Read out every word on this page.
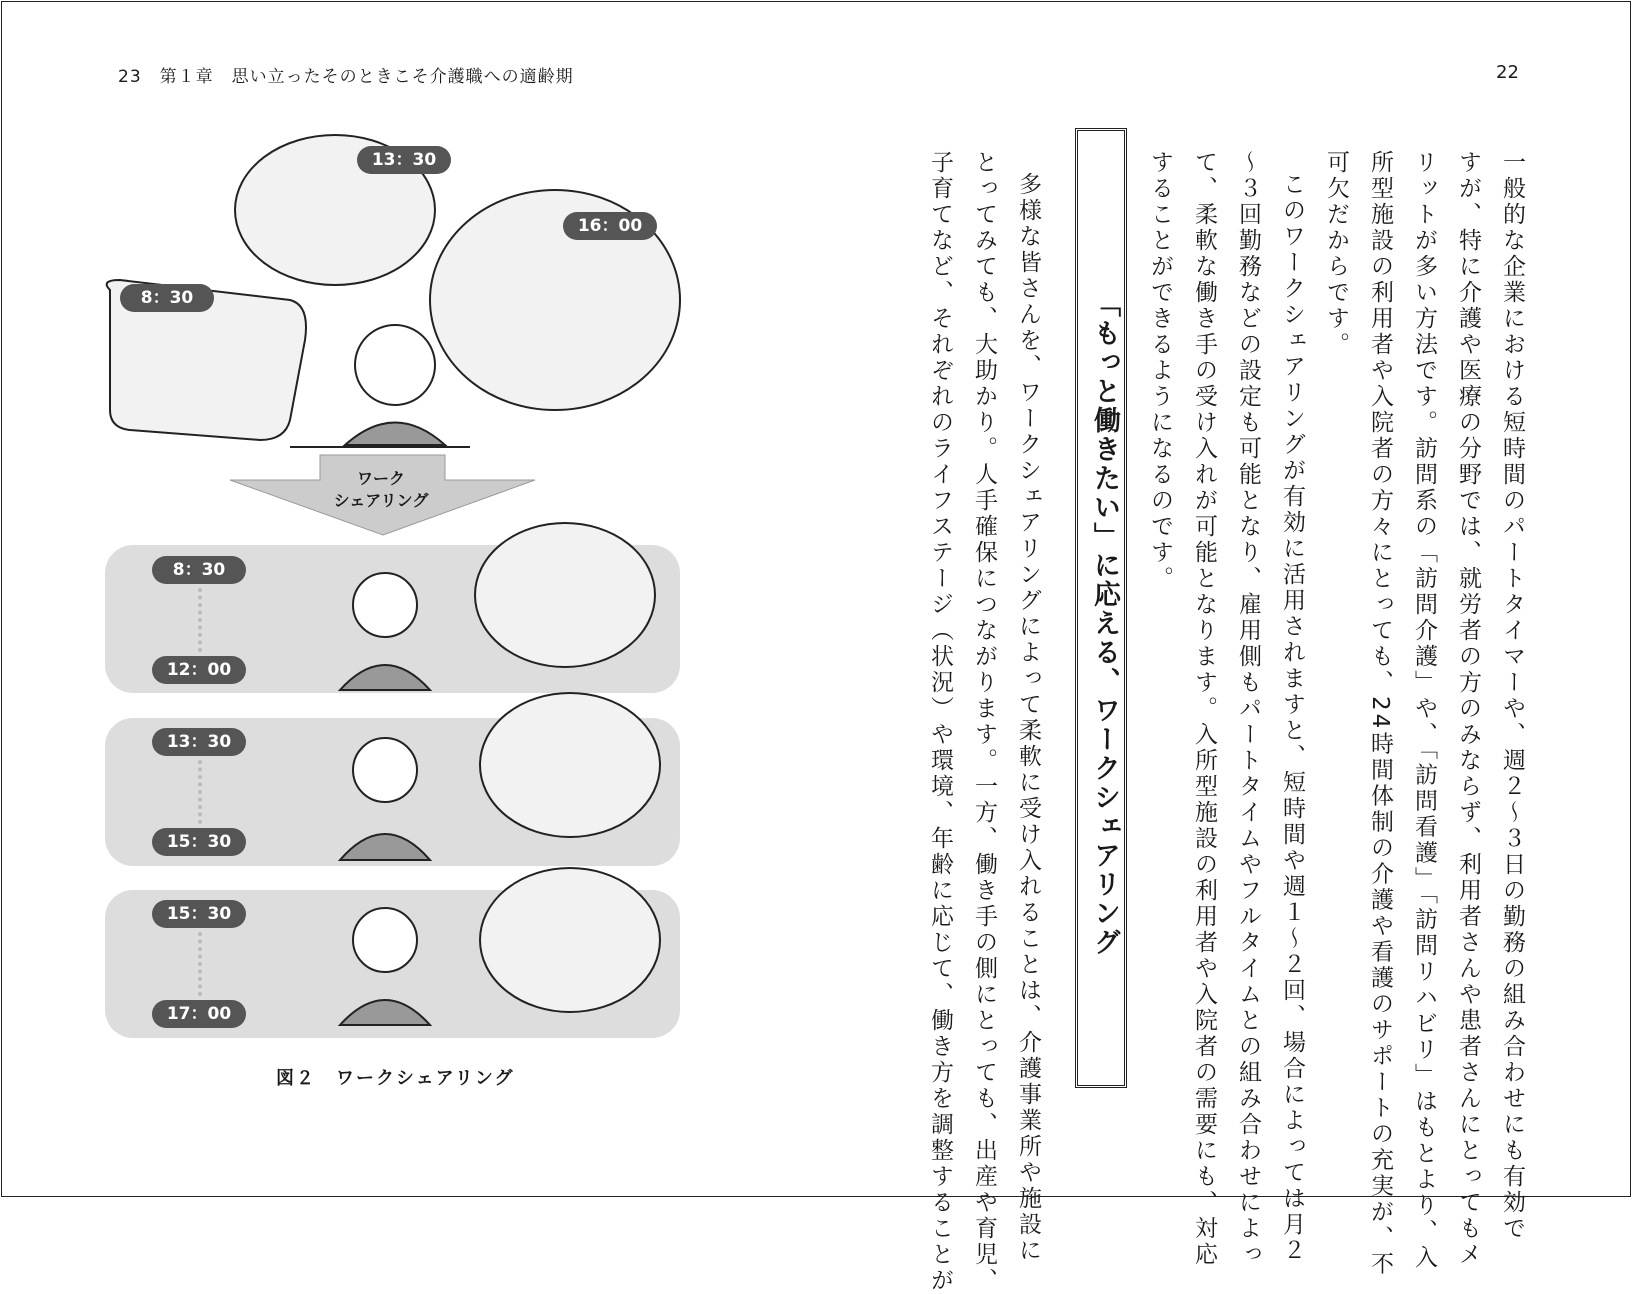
23　第１章　思い立ったそのときこそ介護職への適齢期	22
一般的な企業における短時間のパートタイマーや、週２〜３日の勤務の組み合わせにも有効で
すが、特に介護や医療の分野では、就労者の方のみならず、利用者さんや患者さんにとってもメ
リットが多い方法です。訪問系の「訪問介護」や、「訪問看護」「訪問リハビリ」はもとより、入
所型施設の利用者や入院者の方々にとっても、24時間体制の介護や看護のサポートの充実が、不
可欠だからです。
このワークシェアリングが有効に活用されますと、短時間や週１〜２回、場合によっては月２
〜３回勤務などの設定も可能となり、雇用側もパートタイムやフルタイムとの組み合わせによっ
て、柔軟な働き手の受け入れが可能となります。入所型施設の利用者や入院者の需要にも、対応
することができるようになるのです。
「もっと働きたい」に応える、ワークシェアリング
多様な皆さんを、ワークシェアリングによって柔軟に受け入れることは、介護事業所や施設に
とってみても、大助かり。人手確保につながります。一方、働き手の側にとっても、出産や育児、
子育てなど、それぞれのライフステージ（状況）や環境、年齢に応じて、働き方を調整することが
13：30
16：00
8：30
ワーク
シェアリング
8：30
12：00
13：30
15：30
15：30
17：00
図２　ワークシェアリング
